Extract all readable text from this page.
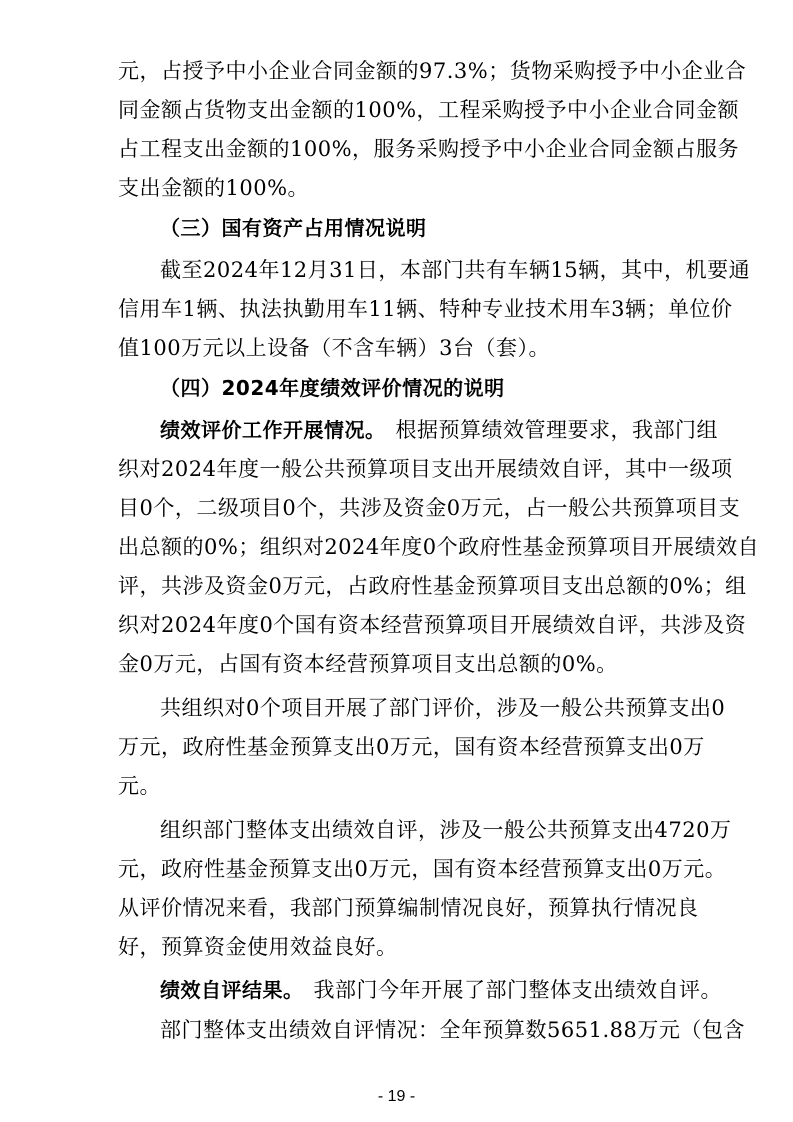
元，占授予中小企业合同金额的97.3%；货物采购授予中小企业合
同金额占货物支出金额的100%，工程采购授予中小企业合同金额
占工程支出金额的100%，服务采购授予中小企业合同金额占服务
支出金额的100%。
（三）国有资产占用情况说明
截至2024年12月31日，本部门共有车辆15辆，其中，机要通
信用车1辆、执法执勤用车11辆、特种专业技术用车3辆；单位价
值100万元以上设备（不含车辆）3台（套）。
（四）2024年度绩效评价情况的说明
绩效评价工作开展情况。 根据预算绩效管理要求，我部门组
织对2024年度一般公共预算项目支出开展绩效自评，其中一级项
目0个，二级项目0个，共涉及资金0万元，占一般公共预算项目支
出总额的0%；组织对2024年度0个政府性基金预算项目开展绩效自
评，共涉及资金0万元，占政府性基金预算项目支出总额的0%；组
织对2024年度0个国有资本经营预算项目开展绩效自评，共涉及资
金0万元，占国有资本经营预算项目支出总额的0%。
共组织对0个项目开展了部门评价，涉及一般公共预算支出0
万元，政府性基金预算支出0万元，国有资本经营预算支出0万
元。
组织部门整体支出绩效自评，涉及一般公共预算支出4720万
元，政府性基金预算支出0万元，国有资本经营预算支出0万元。
从评价情况来看，我部门预算编制情况良好，预算执行情况良
好，预算资金使用效益良好。
绩效自评结果。 我部门今年开展了部门整体支出绩效自评。
部门整体支出绩效自评情况：全年预算数5651.88万元（包含
- 19 -
